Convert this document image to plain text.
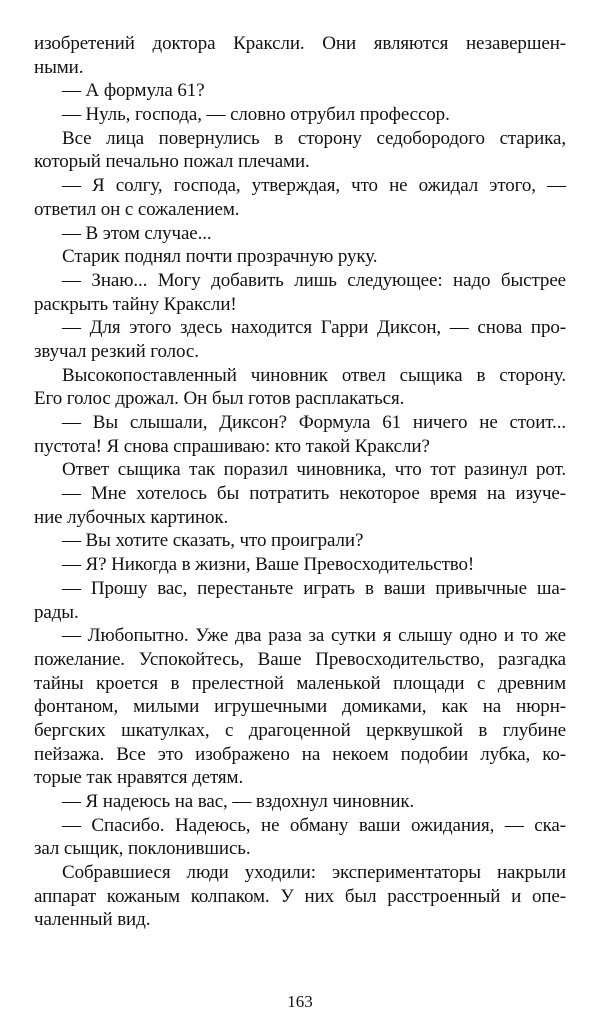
изобретений доктора Краксли. Они являются незавершен-
ными.
— А формула 61?
— Нуль, господа, — словно отрубил профессор.
Все лица повернулись в сторону седобородого старика,
который печально пожал плечами.
— Я солгу, господа, утверждая, что не ожидал этого, —
ответил он с сожалением.
— В этом случае...
Старик поднял почти прозрачную руку.
— Знаю... Могу добавить лишь следующее: надо быстрее
раскрыть тайну Краксли!
— Для этого здесь находится Гарри Диксон, — снова про-
звучал резкий голос.
Высокопоставленный чиновник отвел сыщика в сторону.
Его голос дрожал. Он был готов расплакаться.
— Вы слышали, Диксон? Формула 61 ничего не стоит...
пустота! Я снова спрашиваю: кто такой Краксли?
Ответ сыщика так поразил чиновника, что тот разинул рот.
— Мне хотелось бы потратить некоторое время на изуче-
ние лубочных картинок.
— Вы хотите сказать, что проиграли?
— Я? Никогда в жизни, Ваше Превосходительство!
— Прошу вас, перестаньте играть в ваши привычные ша-
рады.
— Любопытно. Уже два раза за сутки я слышу одно и то же
пожелание. Успокойтесь, Ваше Превосходительство, разгадка
тайны кроется в прелестной маленькой площади с древним
фонтаном, милыми игрушечными домиками, как на нюрн-
бергских шкатулках, с драгоценной церквушкой в глубине
пейзажа. Все это изображено на некоем подобии лубка, ко-
торые так нравятся детям.
— Я надеюсь на вас, — вздохнул чиновник.
— Спасибо. Надеюсь, не обману ваши ожидания, — ска-
зал сыщик, поклонившись.
Собравшиеся люди уходили: экспериментаторы накрыли
аппарат кожаным колпаком. У них был расстроенный и опе-
чаленный вид.
163
